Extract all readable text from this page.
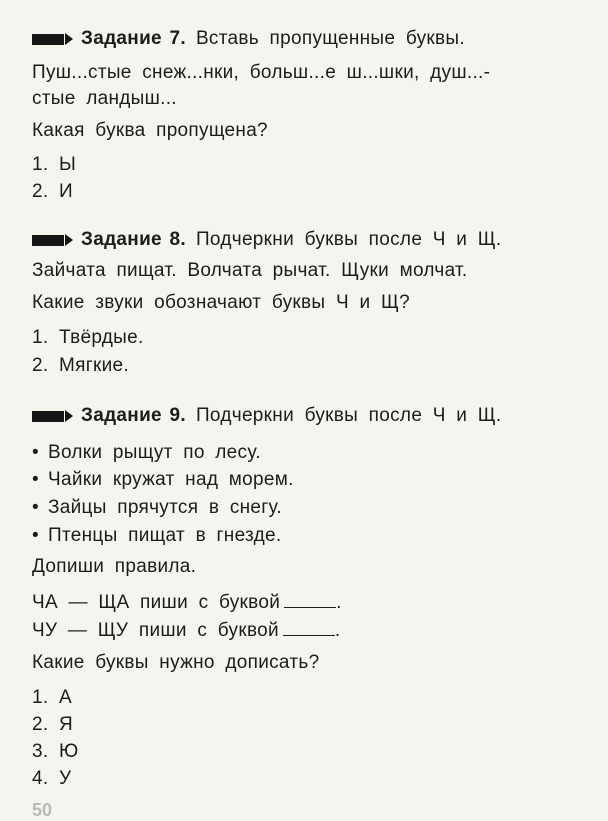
Задание 7. Вставь пропущенные буквы.
Пуш...стые снеж...нки, больш...е ш...шки, душ...-
стые ландыш...
Какая буква пропущена?
1. Ы
2. И
Задание 8. Подчеркни буквы после Ч и Щ.
Зайчата пищат. Волчата рычат. Щуки молчат.
Какие звуки обозначают буквы Ч и Щ?
1. Твёрдые.
2. Мягкие.
Задание 9. Подчеркни буквы после Ч и Щ.
• Волки рыщут по лесу.
• Чайки кружат над морем.
• Зайцы прячутся в снегу.
• Птенцы пищат в гнезде.
Допиши правила.
ЧА — ЩА пиши с буквой	.
ЧУ — ЩУ пиши с буквой	.
Какие буквы нужно дописать?
1. А
2. Я
3. Ю
4. У
50
